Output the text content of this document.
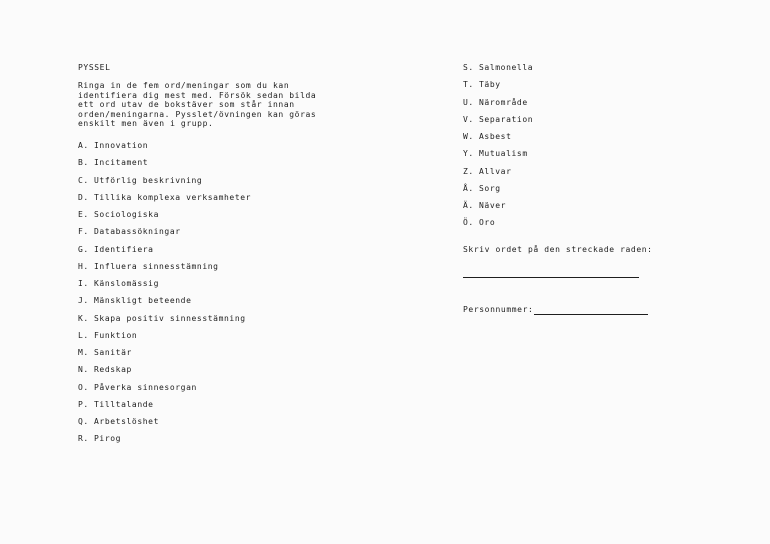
PYSSEL
Ringa in de fem ord/meningar som du kan
identifiera dig mest med. Försök sedan bilda
ett ord utav de bokstäver som står innan
orden/meningarna. Pysslet/övningen kan göras
enskilt men även i grupp.
A. Innovation
B. Incitament
C. Utförlig beskrivning
D. Tillika komplexa verksamheter
E. Sociologiska
F. Databassökningar
G. Identifiera
H. Influera sinnesstämning
I. Känslomässig
J. Mänskligt beteende
K. Skapa positiv sinnesstämning
L. Funktion
M. Sanitär
N. Redskap
O. Påverka sinnesorgan
P. Tilltalande
Q. Arbetslöshet
R. Pirog
S. Salmonella
T. Täby
U. Närområde
V. Separation
W. Asbest
Y. Mutualism
Z. Allvar
Å. Sorg
Ä. Näver
Ö. Oro
Skriv ordet på den streckade raden:
Personnummer:
